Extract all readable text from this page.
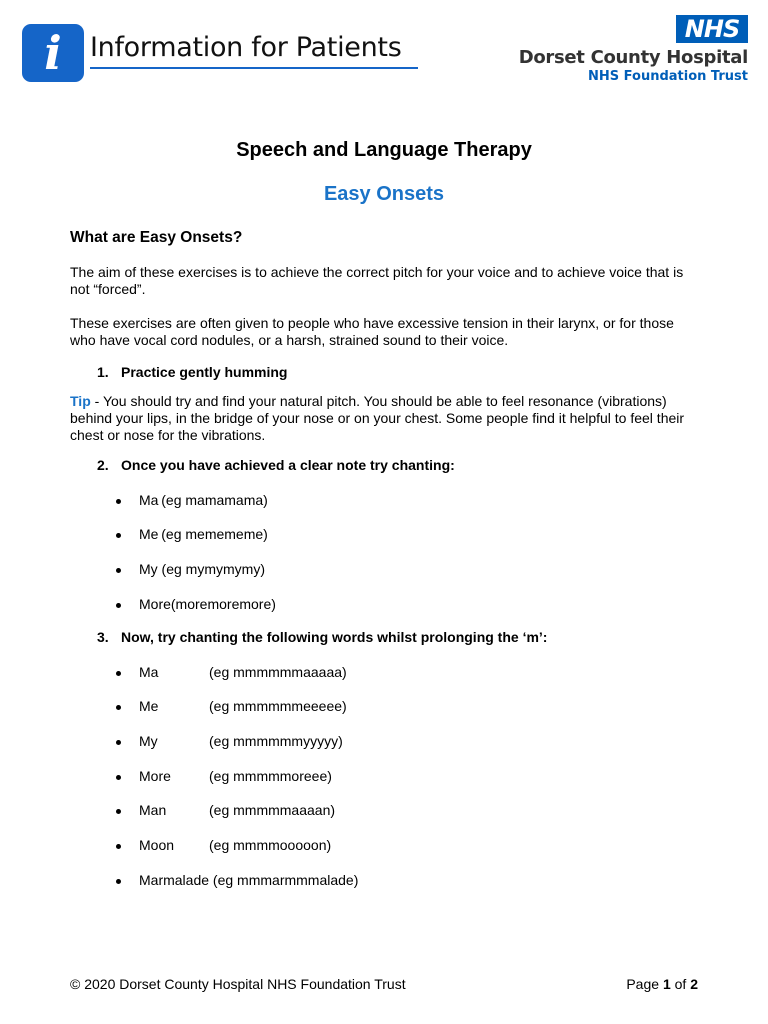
i	Information for Patients
NHS
Dorset County Hospital
NHS Foundation Trust
Speech and Language Therapy
Easy Onsets
What are Easy Onsets?

The aim of these exercises is to achieve the correct pitch for your voice and to achieve voice that is not “forced”.

These exercises are often given to people who have excessive tension in their larynx, or for those who have vocal cord nodules, or a harsh, strained sound to their voice.

1. Practice gently humming

Tip - You should try and find your natural pitch. You should be able to feel resonance (vibrations) behind your lips, in the bridge of your nose or on your chest. Some people find it helpful to feel their chest or nose for the vibrations.

2. Once you have achieved a clear note try chanting:
Ma (eg mamamama)
Me (eg memememe)
My (eg mymymymy)
More(moremoremore)
3. Now, try chanting the following words whilst prolonging the ‘m’:
Ma	(eg mmmmmmaaaaa)
Me	(eg mmmmmmeeeee)
My	(eg mmmmmmyyyyy)
More	(eg mmmmmoreee)
Man	(eg mmmmmaaaan)
Moon (eg mmmmooooon)
Marmalade (eg mmmarmmmalade)
© 2020 Dorset County Hospital NHS Foundation Trust	Page 1 of 2
